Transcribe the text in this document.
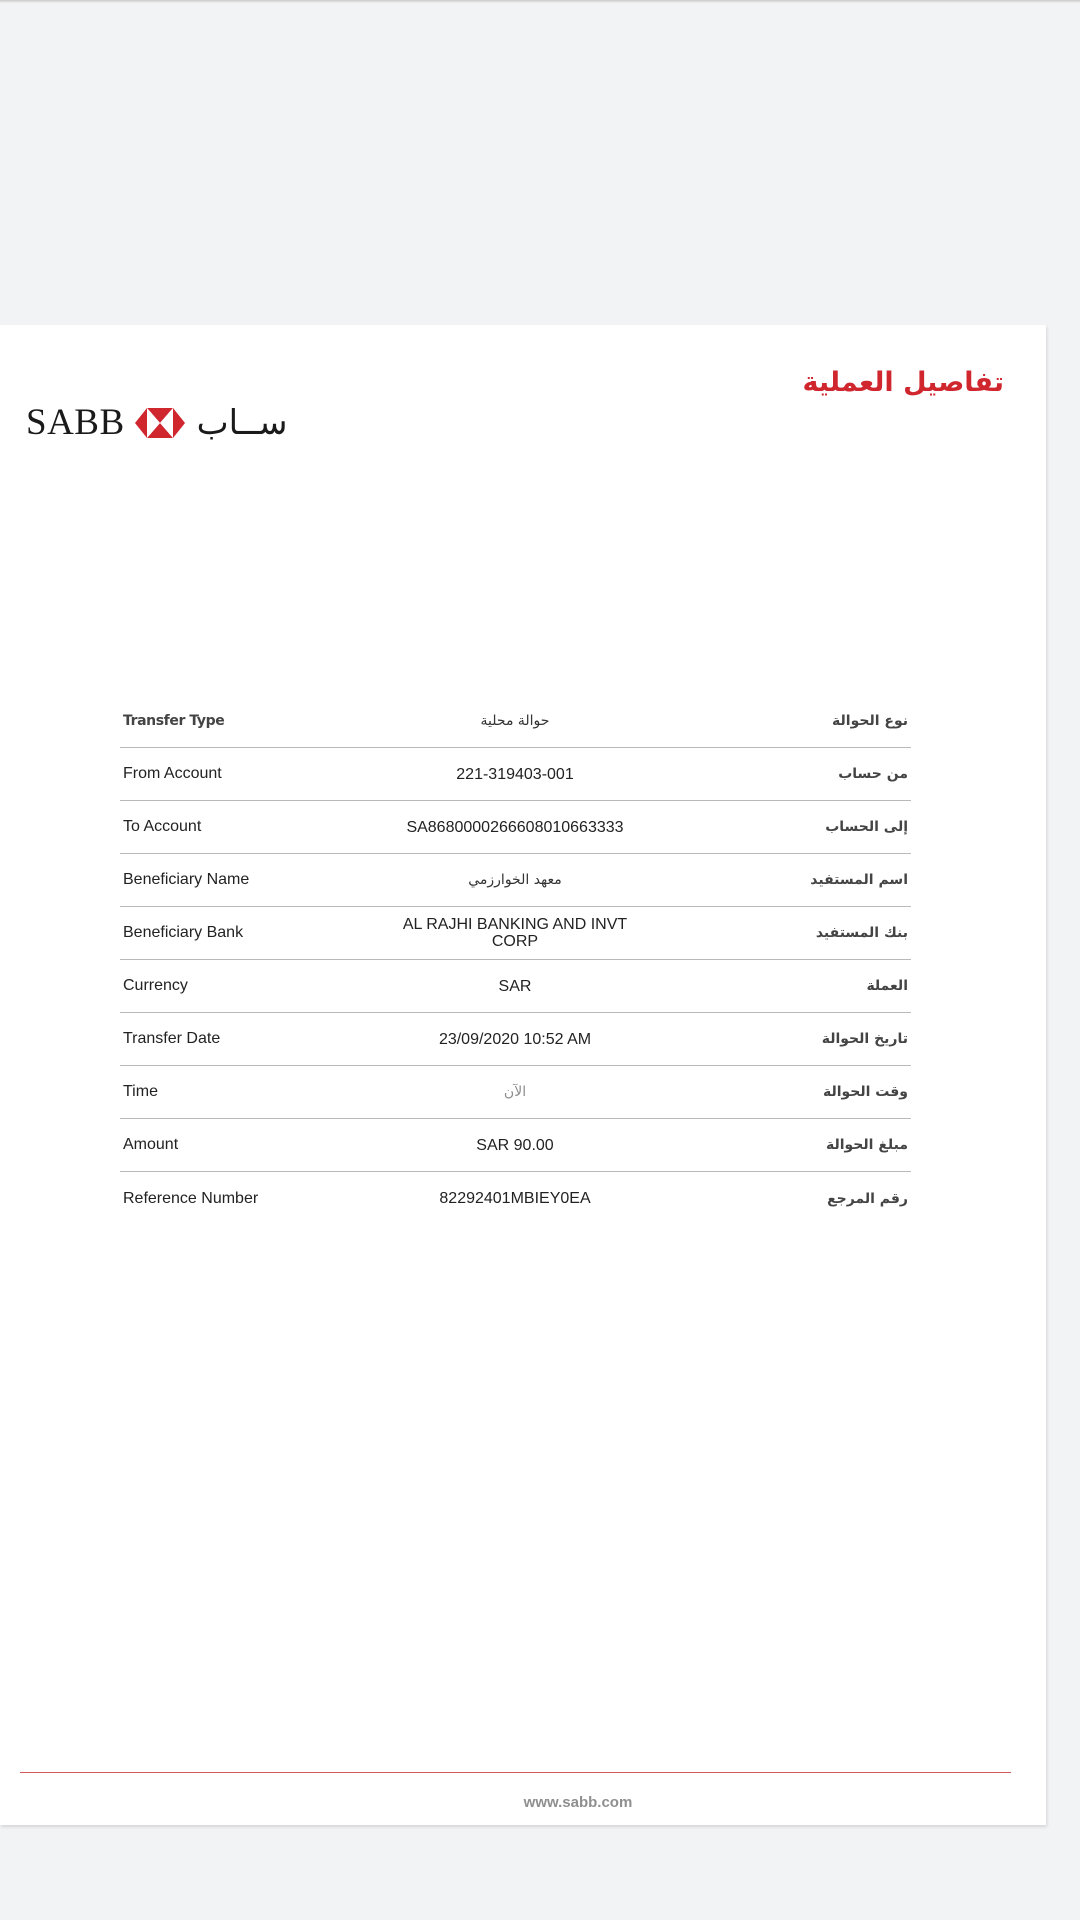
SABB ســاب
تفاصيل العملية
Transfer Type	حوالة محلية	نوع الحوالة
From Account	221-319403-001	من حساب
To Account	SA8680000266608010663333	إلى الحساب
Beneficiary Name	معهد الخوارزمي	اسم المستفيد
Beneficiary Bank	AL RAJHI BANKING AND INVT CORP	بنك المستفيد
Currency	SAR	العملة
Transfer Date	23/09/2020 10:52 AM	تاريخ الحوالة
Time	الآن	وقت الحوالة
Amount	SAR 90.00	مبلغ الحوالة
Reference Number	82292401MBIEY0EA	رقم المرجع
www.sabb.com
